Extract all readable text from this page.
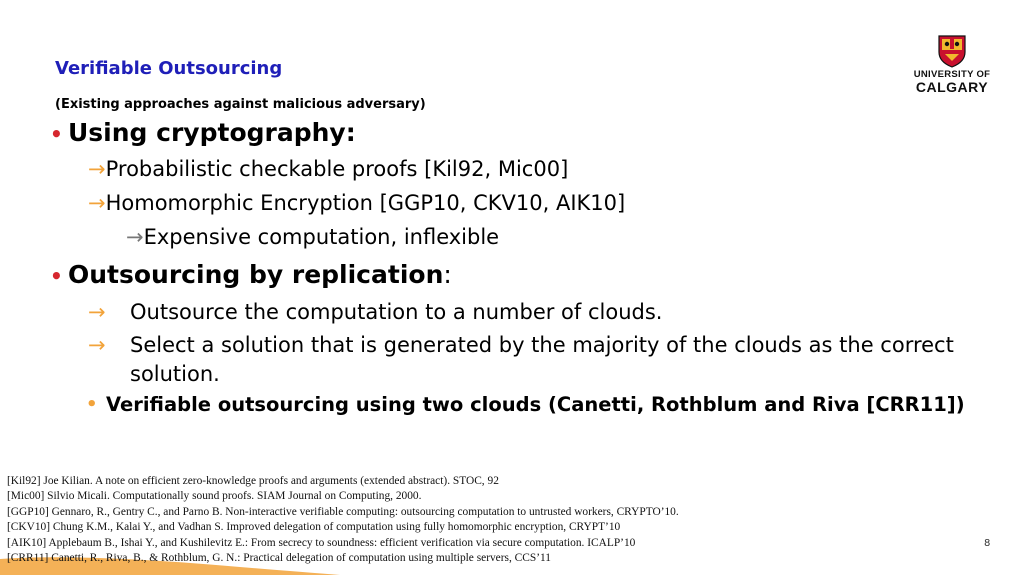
Verifiable Outsourcing
(Existing approaches against malicious adversary)
UNIVERSITY OF
CALGARY
• Using cryptography:
→Probabilistic checkable proofs [Kil92, Mic00]
→Homomorphic Encryption [GGP10, CKV10, AIK10]
→Expensive computation, inflexible
• Outsourcing by replication:
→ Outsource the computation to a number of clouds.
→ Select a solution that is generated by the majority of the clouds as the correct
solution.
• Verifiable outsourcing using two clouds (Canetti, Rothblum and Riva [CRR11])
[Kil92] Joe Kilian. A note on efficient zero-knowledge proofs and arguments (extended abstract). STOC, 92
[Mic00] Silvio Micali. Computationally sound proofs. SIAM Journal on Computing, 2000.
[GGP10] Gennaro, R., Gentry C., and Parno B. Non-interactive verifiable computing: outsourcing computation to untrusted workers, CRYPTO’10.
[CKV10] Chung K.M., Kalai Y., and Vadhan S. Improved delegation of computation using fully homomorphic encryption, CRYPT’10
[AIK10] Applebaum B., Ishai Y., and Kushilevitz E.: From secrecy to soundness: efficient verification via secure computation. ICALP’10
[CRR11] Canetti, R., Riva, B., & Rothblum, G. N.: Practical delegation of computation using multiple servers, CCS’11
8
